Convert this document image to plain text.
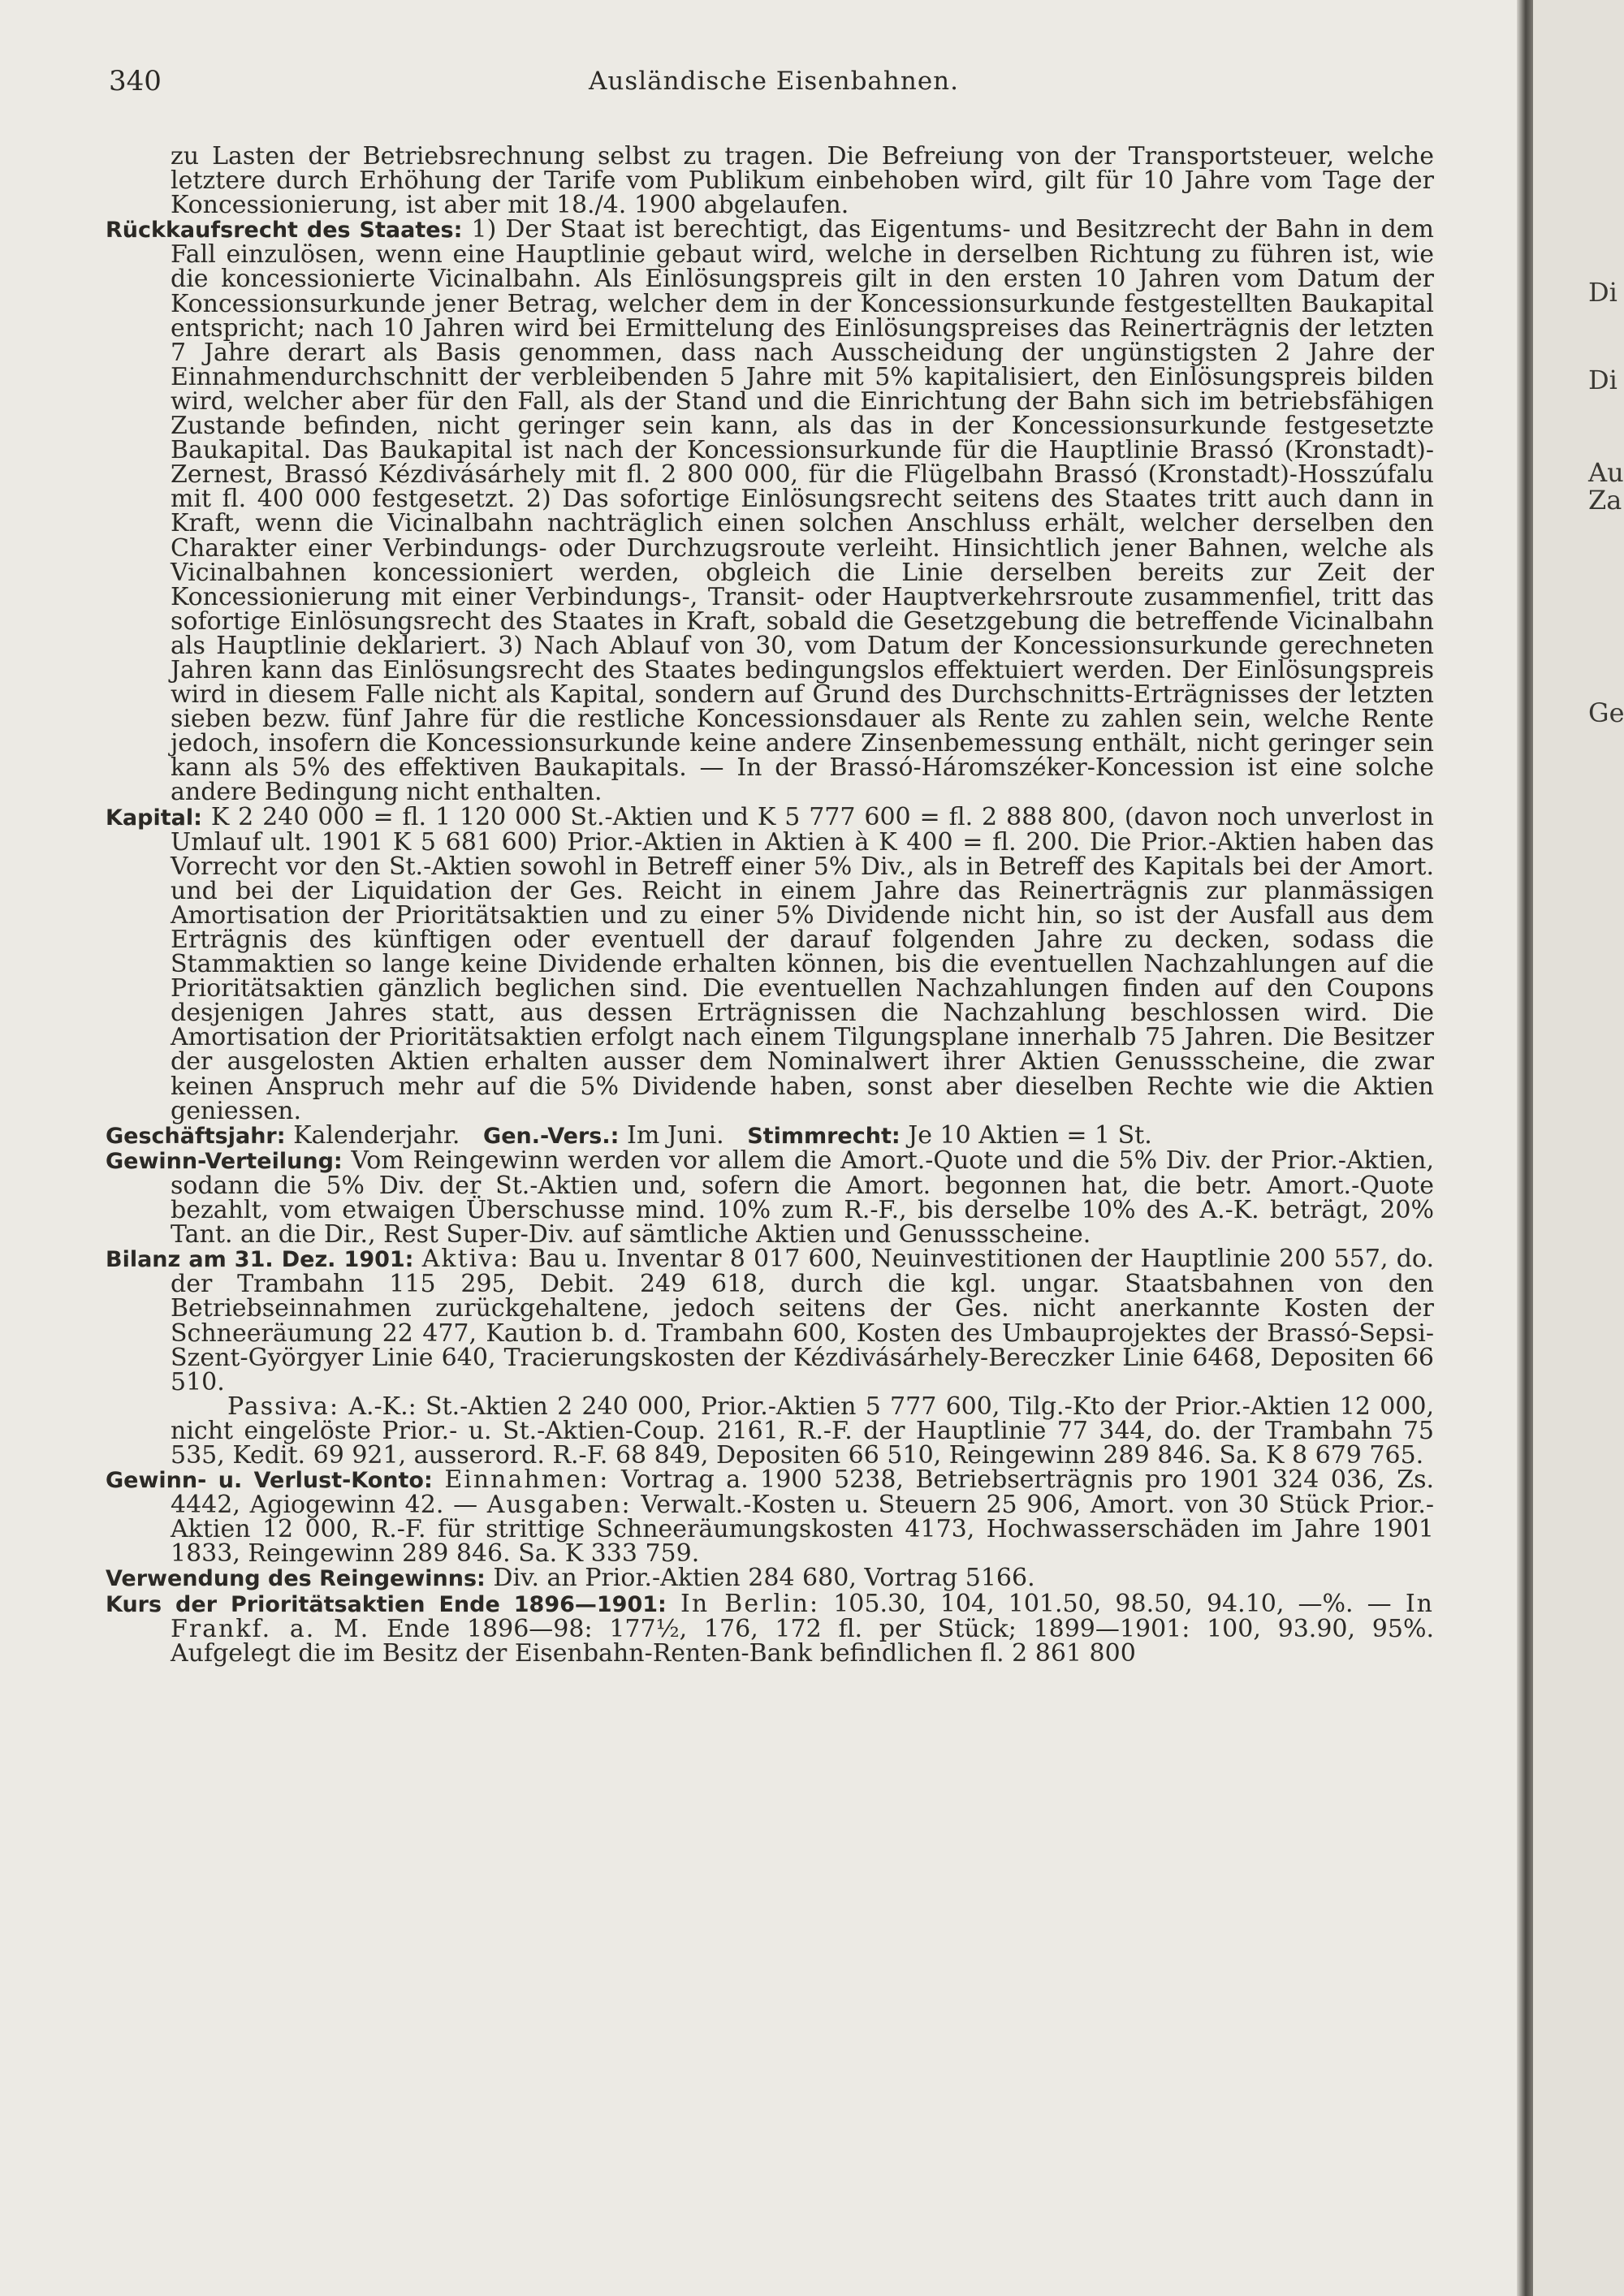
340	Ausländische Eisenbahnen.

zu Lasten der Betriebsrechnung selbst zu tragen. Die Befreiung von der Transportsteuer, welche letztere durch Erhöhung der Tarife vom Publikum einbehoben wird, gilt für 10 Jahre vom Tage der Koncessionierung, ist aber mit 18./4. 1900 abgelaufen.

Rückkaufsrecht des Staates: 1) Der Staat ist berechtigt, das Eigentums- und Besitzrecht der Bahn in dem Fall einzulösen, wenn eine Hauptlinie gebaut wird, welche in derselben Richtung zu führen ist, wie die koncessionierte Vicinalbahn. Als Einlösungspreis gilt in den ersten 10 Jahren vom Datum der Koncessionsurkunde jener Betrag, welcher dem in der Koncessionsurkunde festgestellten Baukapital entspricht; nach 10 Jahren wird bei Ermittelung des Einlösungspreises das Reinerträgnis der letzten 7 Jahre derart als Basis genommen, dass nach Ausscheidung der ungünstigsten 2 Jahre der Einnahmendurchschnitt der verbleibenden 5 Jahre mit 5% kapitalisiert, den Einlösungspreis bilden wird, welcher aber für den Fall, als der Stand und die Einrichtung der Bahn sich im betriebsfähigen Zustande befinden, nicht geringer sein kann, als das in der Koncessionsurkunde festgesetzte Baukapital. Das Baukapital ist nach der Koncessionsurkunde für die Hauptlinie Brassó (Kronstadt)-Zernest, Brassó Kézdivásárhely mit fl. 2 800 000, für die Flügelbahn Brassó (Kronstadt)-Hosszúfalu mit fl. 400 000 festgesetzt. 2) Das sofortige Einlösungsrecht seitens des Staates tritt auch dann in Kraft, wenn die Vicinalbahn nachträglich einen solchen Anschluss erhält, welcher derselben den Charakter einer Verbindungs- oder Durchzugsroute verleiht. Hinsichtlich jener Bahnen, welche als Vicinalbahnen koncessioniert werden, obgleich die Linie derselben bereits zur Zeit der Koncessionierung mit einer Verbindungs-, Transit- oder Hauptverkehrsroute zusammenfiel, tritt das sofortige Einlösungsrecht des Staates in Kraft, sobald die Gesetzgebung die betreffende Vicinalbahn als Hauptlinie deklariert. 3) Nach Ablauf von 30, vom Datum der Koncessionsurkunde gerechneten Jahren kann das Einlösungsrecht des Staates bedingungslos effektuiert werden. Der Einlösungspreis wird in diesem Falle nicht als Kapital, sondern auf Grund des Durchschnitts-Erträgnisses der letzten sieben bezw. fünf Jahre für die restliche Koncessionsdauer als Rente zu zahlen sein, welche Rente jedoch, insofern die Koncessionsurkunde keine andere Zinsenbemessung enthält, nicht geringer sein kann als 5% des effektiven Baukapitals. — In der Brassó-Háromszéker-Koncession ist eine solche andere Bedingung nicht enthalten.

Kapital: K 2 240 000 = fl. 1 120 000 St.-Aktien und K 5 777 600 = fl. 2 888 800, (davon noch unverlost in Umlauf ult. 1901 K 5 681 600) Prior.-Aktien in Aktien à K 400 = fl. 200. Die Prior.-Aktien haben das Vorrecht vor den St.-Aktien sowohl in Betreff einer 5% Div., als in Betreff des Kapitals bei der Amort. und bei der Liquidation der Ges. Reicht in einem Jahre das Reinerträgnis zur planmässigen Amortisation der Prioritätsaktien und zu einer 5% Dividende nicht hin, so ist der Ausfall aus dem Erträgnis des künftigen oder eventuell der darauf folgenden Jahre zu decken, sodass die Stammaktien so lange keine Dividende erhalten können, bis die eventuellen Nachzahlungen auf die Prioritätsaktien gänzlich beglichen sind. Die eventuellen Nachzahlungen finden auf den Coupons desjenigen Jahres statt, aus dessen Erträgnissen die Nachzahlung beschlossen wird. Die Amortisation der Prioritätsaktien erfolgt nach einem Tilgungsplane innerhalb 75 Jahren. Die Besitzer der ausgelosten Aktien erhalten ausser dem Nominalwert ihrer Aktien Genussscheine, die zwar keinen Anspruch mehr auf die 5% Dividende haben, sonst aber dieselben Rechte wie die Aktien geniessen.

Geschäftsjahr: Kalenderjahr. Gen.-Vers.: Im Juni. Stimmrecht: Je 10 Aktien = 1 St.

Gewinn-Verteilung: Vom Reingewinn werden vor allem die Amort.-Quote und die 5% Div. der Prior.-Aktien, sodann die 5% Div. der St.-Aktien und, sofern die Amort. begonnen hat, die betr. Amort.-Quote bezahlt, vom etwaigen Überschusse mind. 10% zum R.-F., bis derselbe 10% des A.-K. beträgt, 20% Tant. an die Dir., Rest Super-Div. auf sämtliche Aktien und Genussscheine.

Bilanz am 31. Dez. 1901: Aktiva: Bau u. Inventar 8 017 600, Neuinvestitionen der Hauptlinie 200 557, do. der Trambahn 115 295, Debit. 249 618, durch die kgl. ungar. Staatsbahnen von den Betriebseinnahmen zurückgehaltene, jedoch seitens der Ges. nicht anerkannte Kosten der Schneeräumung 22 477, Kaution b. d. Trambahn 600, Kosten des Umbauprojektes der Brassó-Sepsi-Szent-Györgyer Linie 640, Tracierungskosten der Kézdivásárhely-Bereczker Linie 6468, Depositen 66 510.

Passiva: A.-K.: St.-Aktien 2 240 000, Prior.-Aktien 5 777 600, Tilg.-Kto der Prior.-Aktien 12 000, nicht eingelöste Prior.- u. St.-Aktien-Coup. 2161, R.-F. der Hauptlinie 77 344, do. der Trambahn 75 535, Kedit. 69 921, ausserord. R.-F. 68 849, Depositen 66 510, Reingewinn 289 846. Sa. K 8 679 765.

Gewinn- u. Verlust-Konto: Einnahmen: Vortrag a. 1900 5238, Betriebserträgnis pro 1901 324 036, Zs. 4442, Agiogewinn 42. — Ausgaben: Verwalt.-Kosten u. Steuern 25 906, Amort. von 30 Stück Prior.-Aktien 12 000, R.-F. für strittige Schneeräumungskosten 4173, Hochwasserschäden im Jahre 1901 1833, Reingewinn 289 846. Sa. K 333 759.

Verwendung des Reingewinns: Div. an Prior.-Aktien 284 680, Vortrag 5166.

Kurs der Prioritätsaktien Ende 1896—1901: In Berlin: 105.30, 104, 101.50, 98.50, 94.10, —%. — In Frankf. a. M. Ende 1896—98: 177½, 176, 172 fl. per Stück; 1899—1901: 100, 93.90, 95%. Aufgelegt die im Besitz der Eisenbahn-Renten-Bank befindlichen fl. 2 861 800

Di
Di
Au
Za
Ge
